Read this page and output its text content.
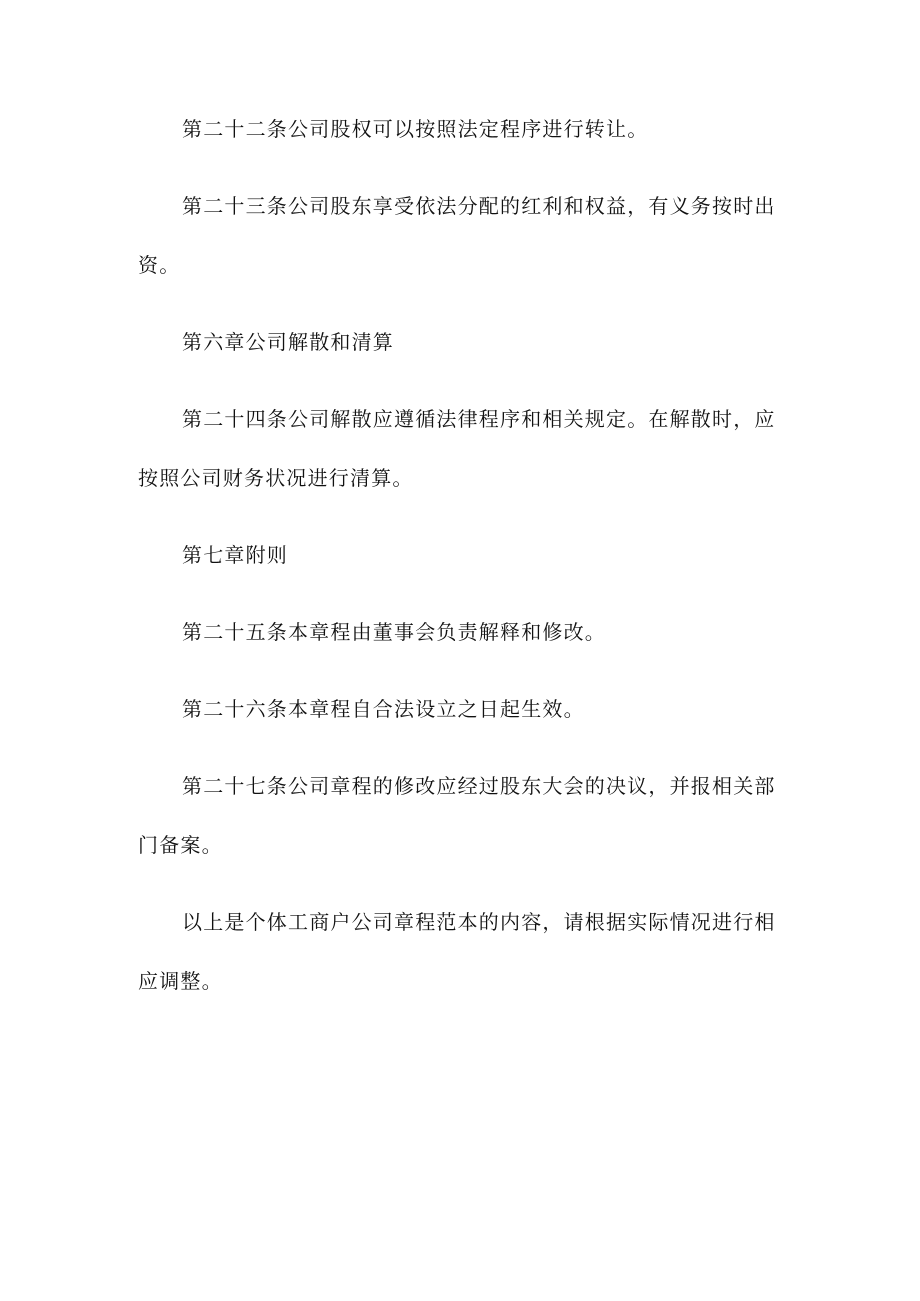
第二十二条公司股权可以按照法定程序进行转让。

第二十三条公司股东享受依法分配的红利和权益，有义务按时出资。

第六章公司解散和清算

第二十四条公司解散应遵循法律程序和相关规定。在解散时，应按照公司财务状况进行清算。

第七章附则

第二十五条本章程由董事会负责解释和修改。

第二十六条本章程自合法设立之日起生效。

第二十七条公司章程的修改应经过股东大会的决议，并报相关部门备案。

以上是个体工商户公司章程范本的内容，请根据实际情况进行相应调整。
